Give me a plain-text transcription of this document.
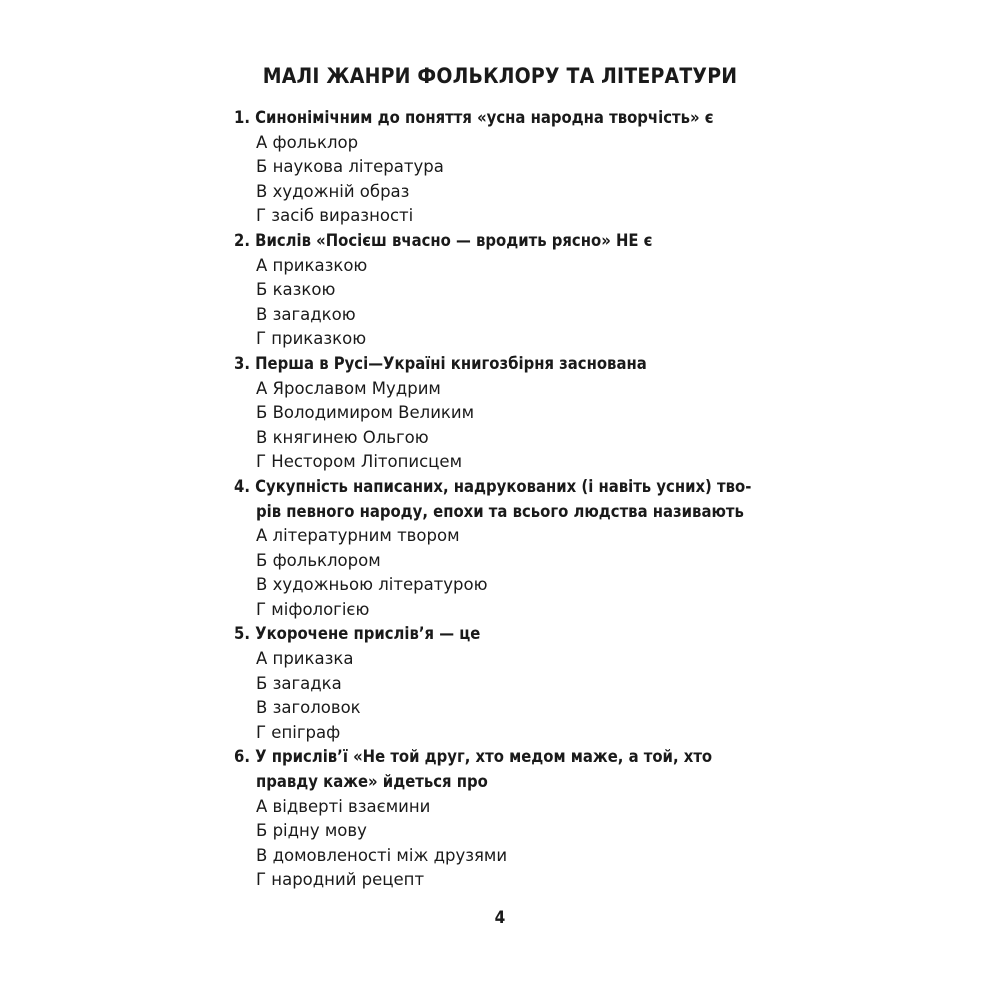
МАЛІ ЖАНРИ ФОЛЬКЛОРУ ТА ЛІТЕРАТУРИ

1. Синонімічним до поняття «усна народна творчість» є

А фольклор

Б наукова література

В художній образ

Г засіб виразності

2. Вислів «Посієш вчасно — вродить рясно» НЕ є

А приказкою

Б казкою

В загадкою

Г приказкою

3. Перша в Русі—Україні книгозбірня заснована

А Ярославом Мудрим

Б Володимиром Великим

В княгинею Ольгою

Г Нестором Літописцем

4. Сукупність написаних, надрукованих (і навіть усних) тво-

рів певного народу, епохи та всього людства називають

А літературним твором

Б фольклором

В художньою літературою

Г міфологією

5. Укорочене прислів’я — це

А приказка

Б загадка

В заголовок

Г епіграф

6. У прислів’ї «Не той друг, хто медом маже, а той, хто

правду каже» йдеться про

А відверті взаємини

Б рідну мову

В домовленості між друзями

Г народний рецепт

4
